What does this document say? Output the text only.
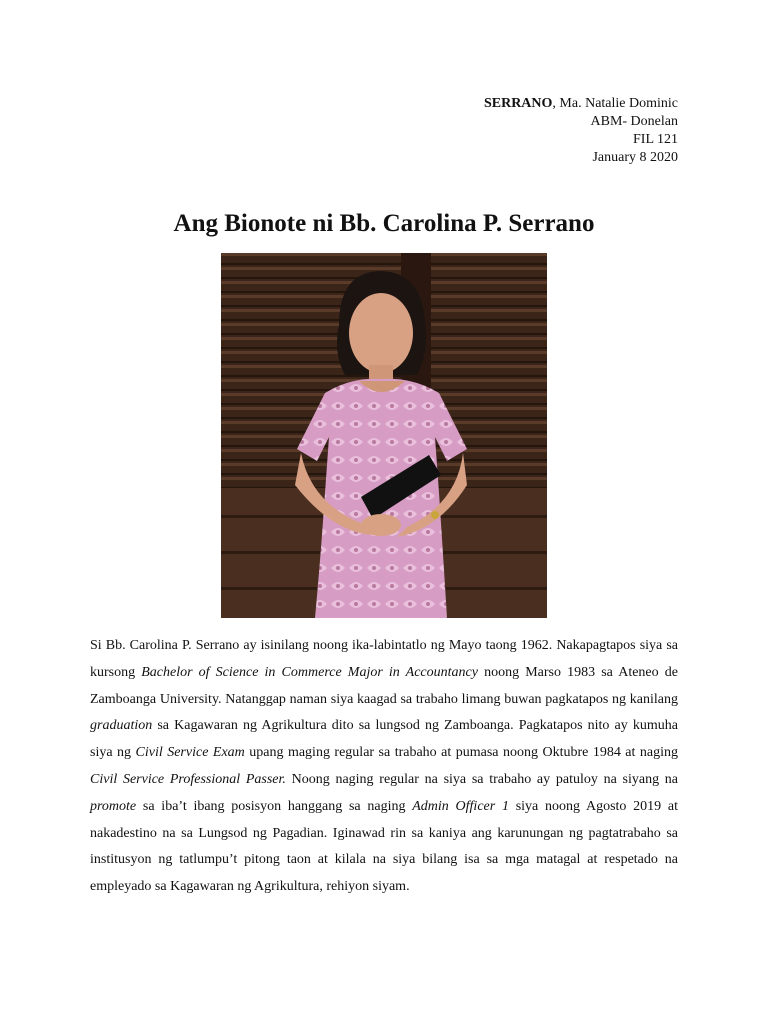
SERRANO, Ma. Natalie Dominic
ABM- Donelan
FIL 121
January 8 2020
Ang Bionote ni Bb. Carolina P. Serrano

Si Bb. Carolina P. Serrano ay isinilang noong ika-labintatlo ng Mayo taong 1962. Nakapagtapos siya sa kursong Bachelor of Science in Commerce Major in Accountancy noong Marso 1983 sa Ateneo de Zamboanga University. Natanggap naman siya kaagad sa trabaho limang buwan pagkatapos ng kanilang graduation sa Kagawaran ng Agrikultura dito sa lungsod ng Zamboanga. Pagkatapos nito ay kumuha siya ng Civil Service Exam upang maging regular sa trabaho at pumasa noong Oktubre 1984 at naging Civil Service Professional Passer. Noong naging regular na siya sa trabaho ay patuloy na siyang na promote sa iba’t ibang posisyon hanggang sa naging Admin Officer 1 siya noong Agosto 2019 at nakadestino na sa Lungsod ng Pagadian. Iginawad rin sa kaniya ang karunungan ng pagtatrabaho sa institusyon ng tatlumpu’t pitong taon at kilala na siya bilang isa sa mga matagal at respetado na empleyado sa Kagawaran ng Agrikultura, rehiyon siyam.
